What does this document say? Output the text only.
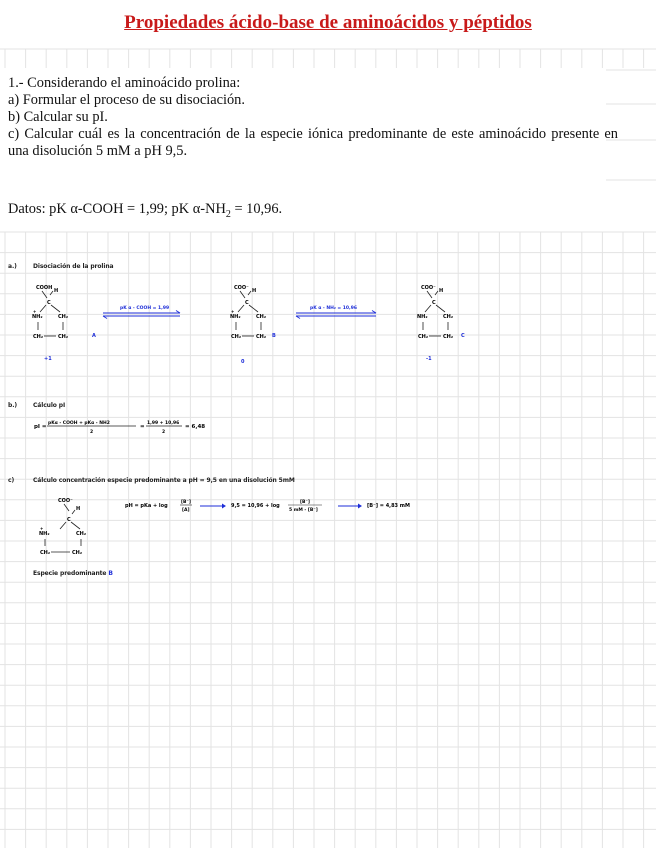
Propiedades ácido-base de aminoácidos y péptidos

1.- Considerando el aminoácido prolina:

a) Formular el proceso de su disociación.

b) Calcular su pI.

c) Calcular cuál es la concentración de la especie iónica predominante de este aminoácido presente en una disolución 5 mM a pH 9,5.

Datos: pK α-COOH = 1,99; pK $\alpha-NH_2 = 10,96$.
a.)	Disociación de la prolina
COOH H
C
+
NH₂	CH₂
CH₂	CH₂	A
+1
pK α - COOH = 1,99
COO⁻ H
C
+
NH₂	CH₂
CH₂	CH₂ B
0
pK α - NH₂ = 10,96
COO⁻ H
C
NH₂	CH₂
CH₂	CH₂ C
-1
b.)	Cálculo pI
pI =
pKα - COOH + pKα - NH2
2
=
1,99 + 10,96
2
= 6,48
c)	Cálculo concentración especie predominante a pH = 9,5 en una disolución 5mM
COO⁻
H
C
+
NH₂	CH₂
CH₂	CH₂
pH = pKa + log
[B⁻]
[A]
9,5 = 10,96 + log
[B⁻]
5 mM - [B⁻]
[B⁻] = 4,83 mM
Especie predominante B
